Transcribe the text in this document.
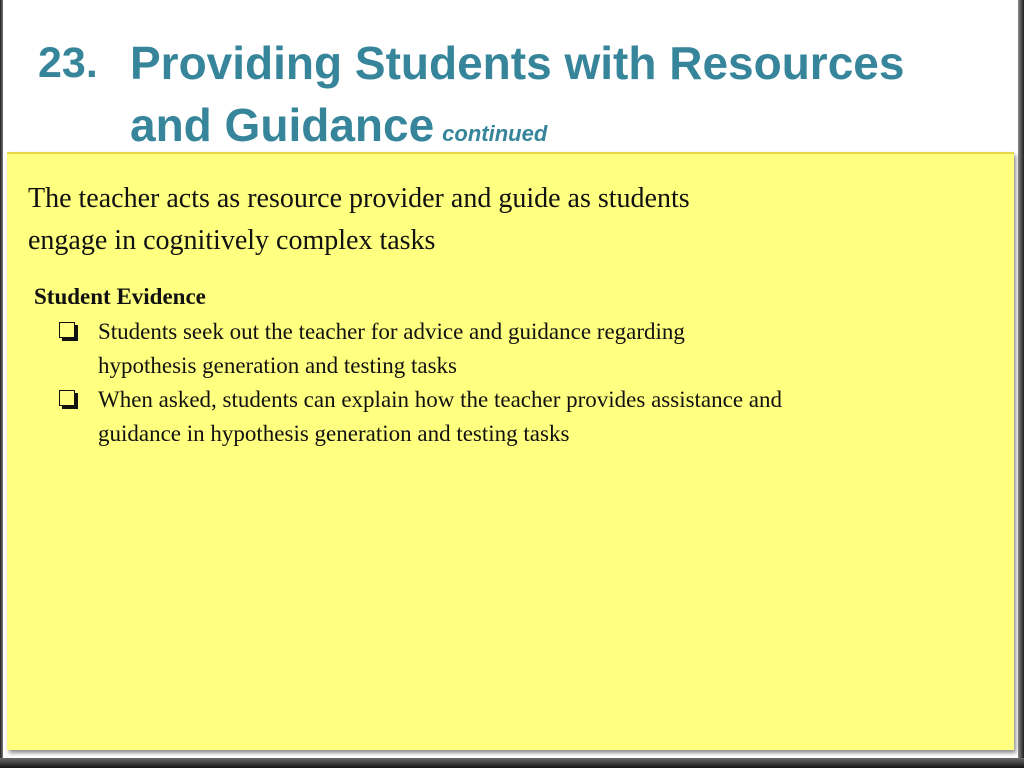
23. Providing Students with Resources
and Guidance continued

The teacher acts as resource provider and guide as students
engage in cognitively complex tasks

Student Evidence
Students seek out the teacher for advice and guidance regarding
hypothesis generation and testing tasks
When asked, students can explain how the teacher provides assistance and
guidance in hypothesis generation and testing tasks
